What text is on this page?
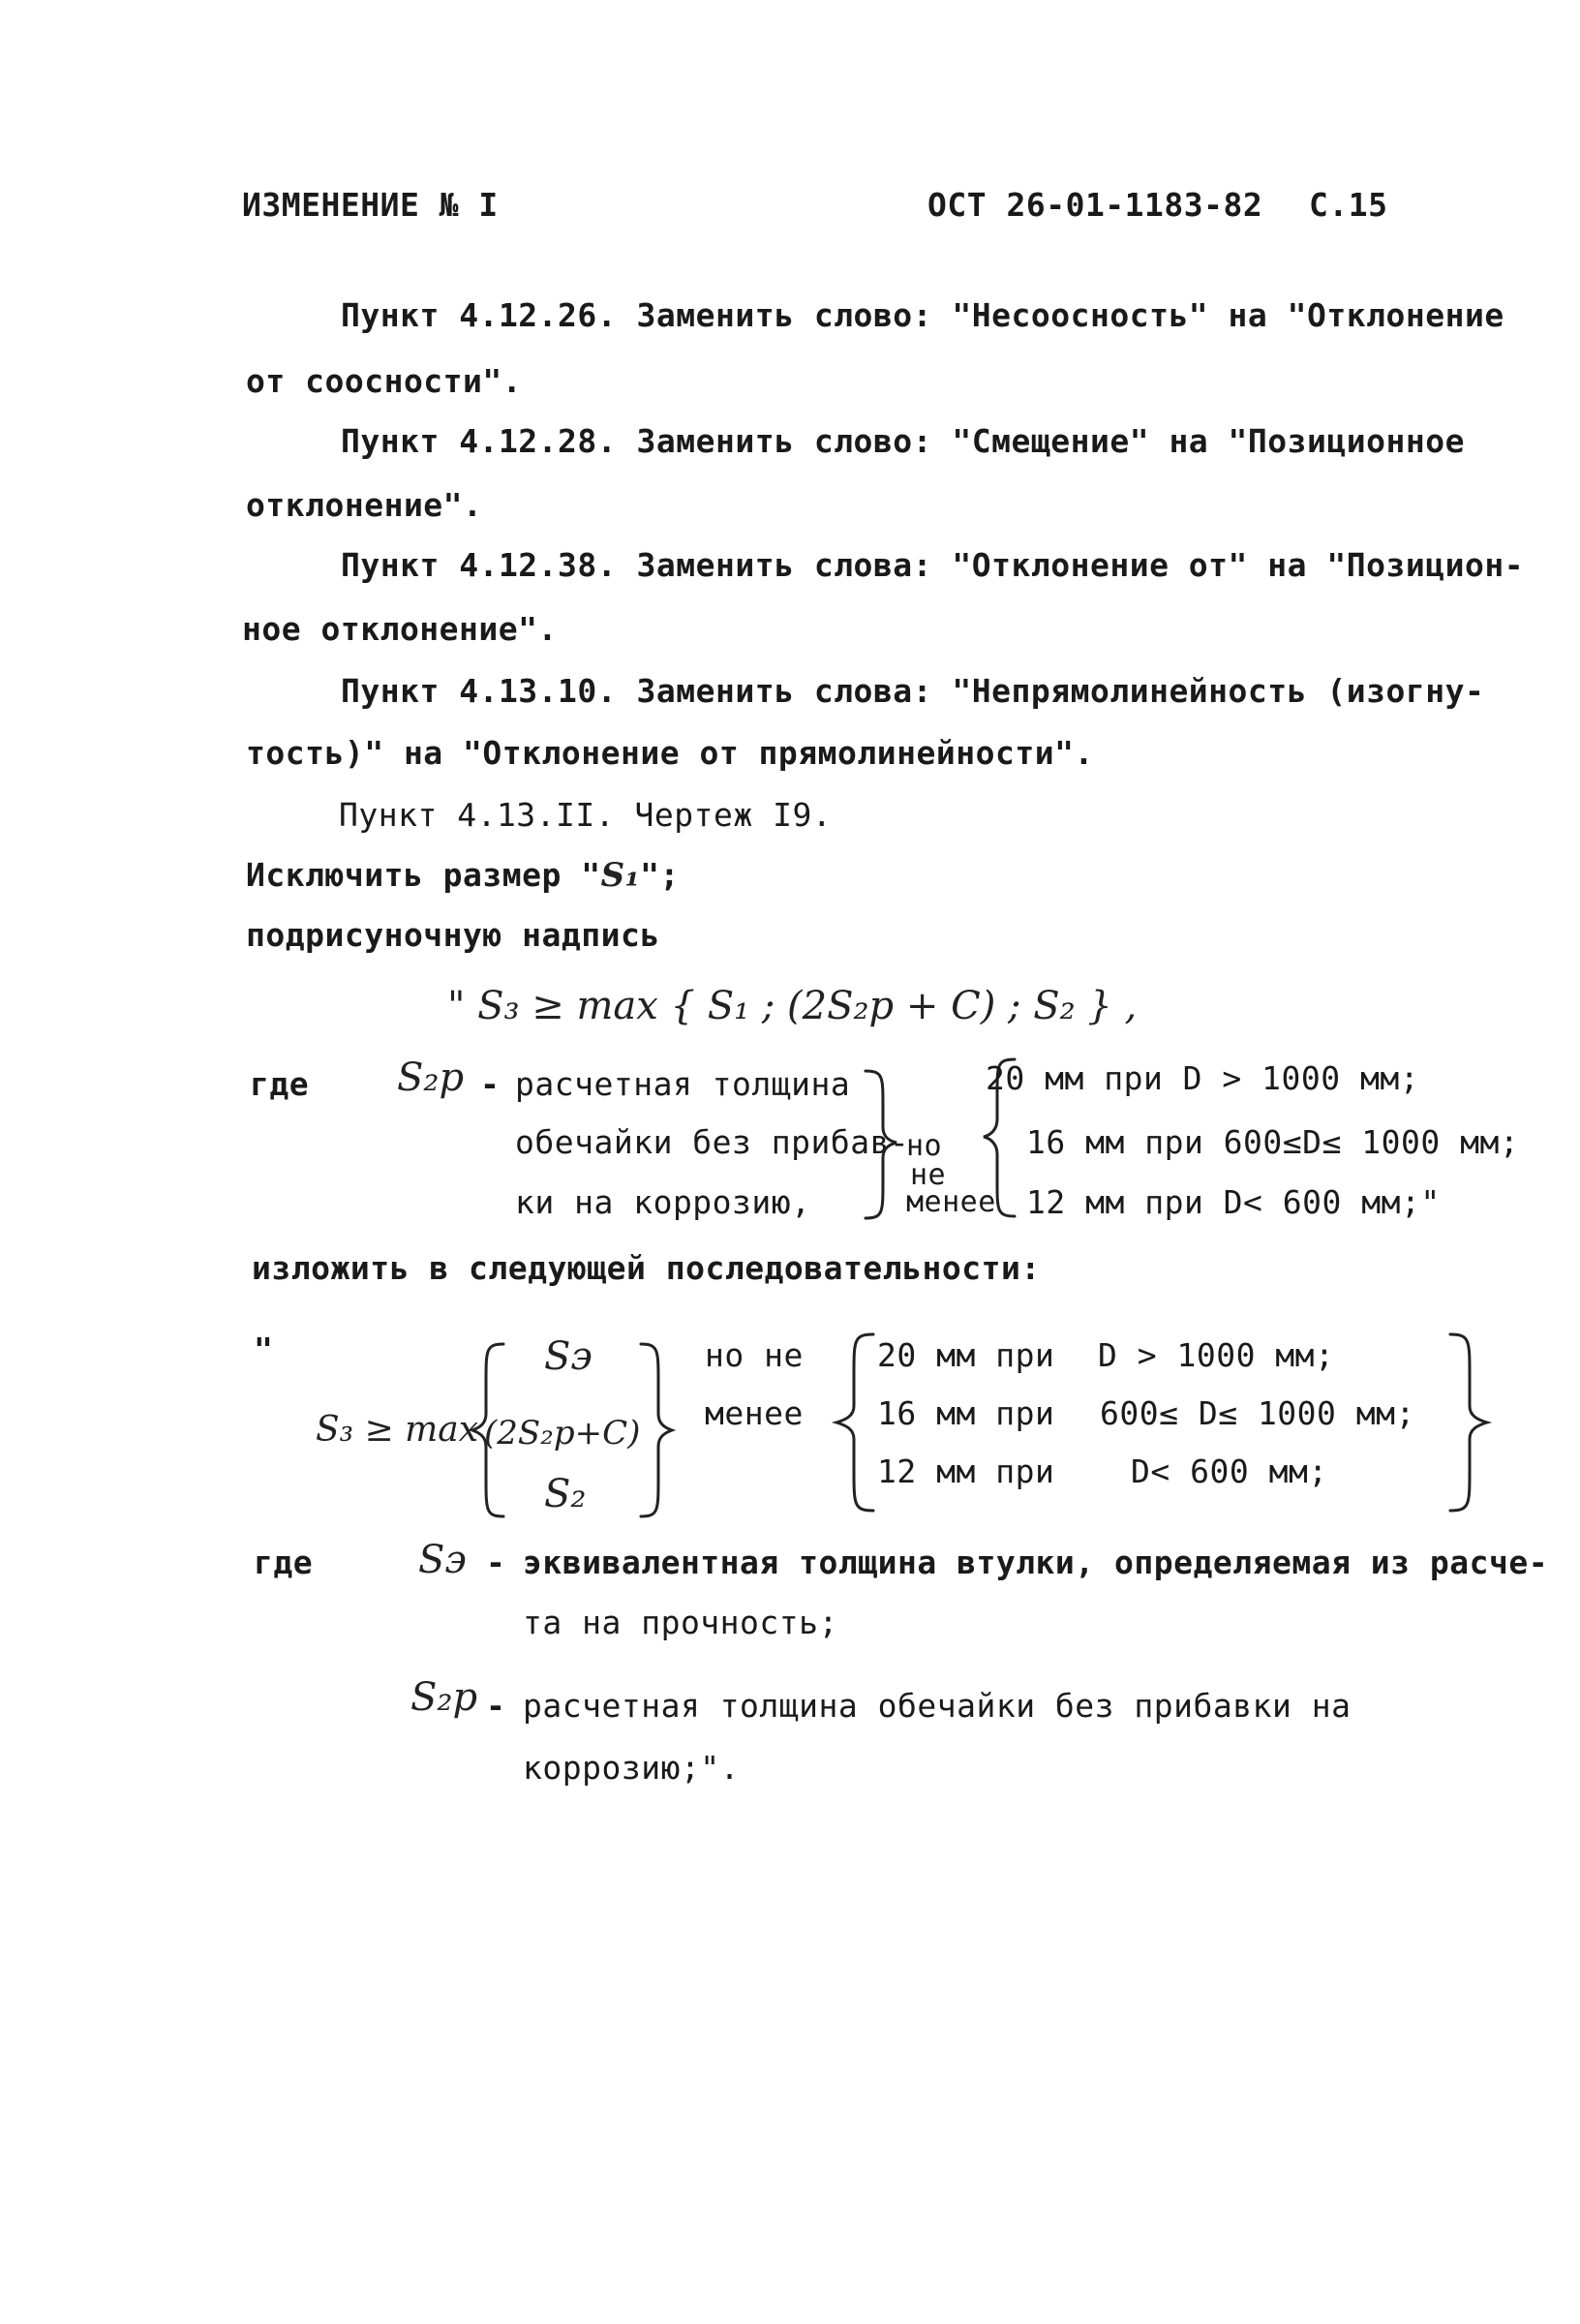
ИЗМЕНЕНИЕ № I	ОСТ 26-01-1183-82 С.15
Пункт 4.12.26. Заменить слово: "Несоосность" на "Отклонение
от соосности".
Пункт 4.12.28. Заменить слово: "Смещение" на "Позиционное
отклонение".
Пункт 4.12.38. Заменить слова: "Отклонение от" на "Позицион-
ное отклонение".
Пункт 4.13.10. Заменить слова: "Непрямолинейность (изогну-
тость)" на "Отклонение от прямолинейности".
Пункт 4.13.II. Чертеж I9.
Исключить размер "S₁";
подрисуночную надпись
" S₃ ≥ max { S₁ ; (2S₂р + C) ; S₂ } ,
где S₂р - расчетная толщина
обечайки без прибав-
ки на коррозию,
но
не
менее
20 мм при D > 1000 мм;
16 мм при 600≤D≤ 1000 мм;
12 мм при D< 600 мм;"
изложить в следующей последовательности:
"
S₃ ≥ max
Sэ
(2S₂р+C)
S₂
но не
менее
20 мм при D > 1000 мм;
16 мм при 600≤ D≤ 1000 мм;
12 мм при D< 600 мм;
где	Sэ - эквивалентная толщина втулки, определяемая из расче-
та на прочность;
S₂р - расчетная толщина обечайки без прибавки на
коррозию;".
